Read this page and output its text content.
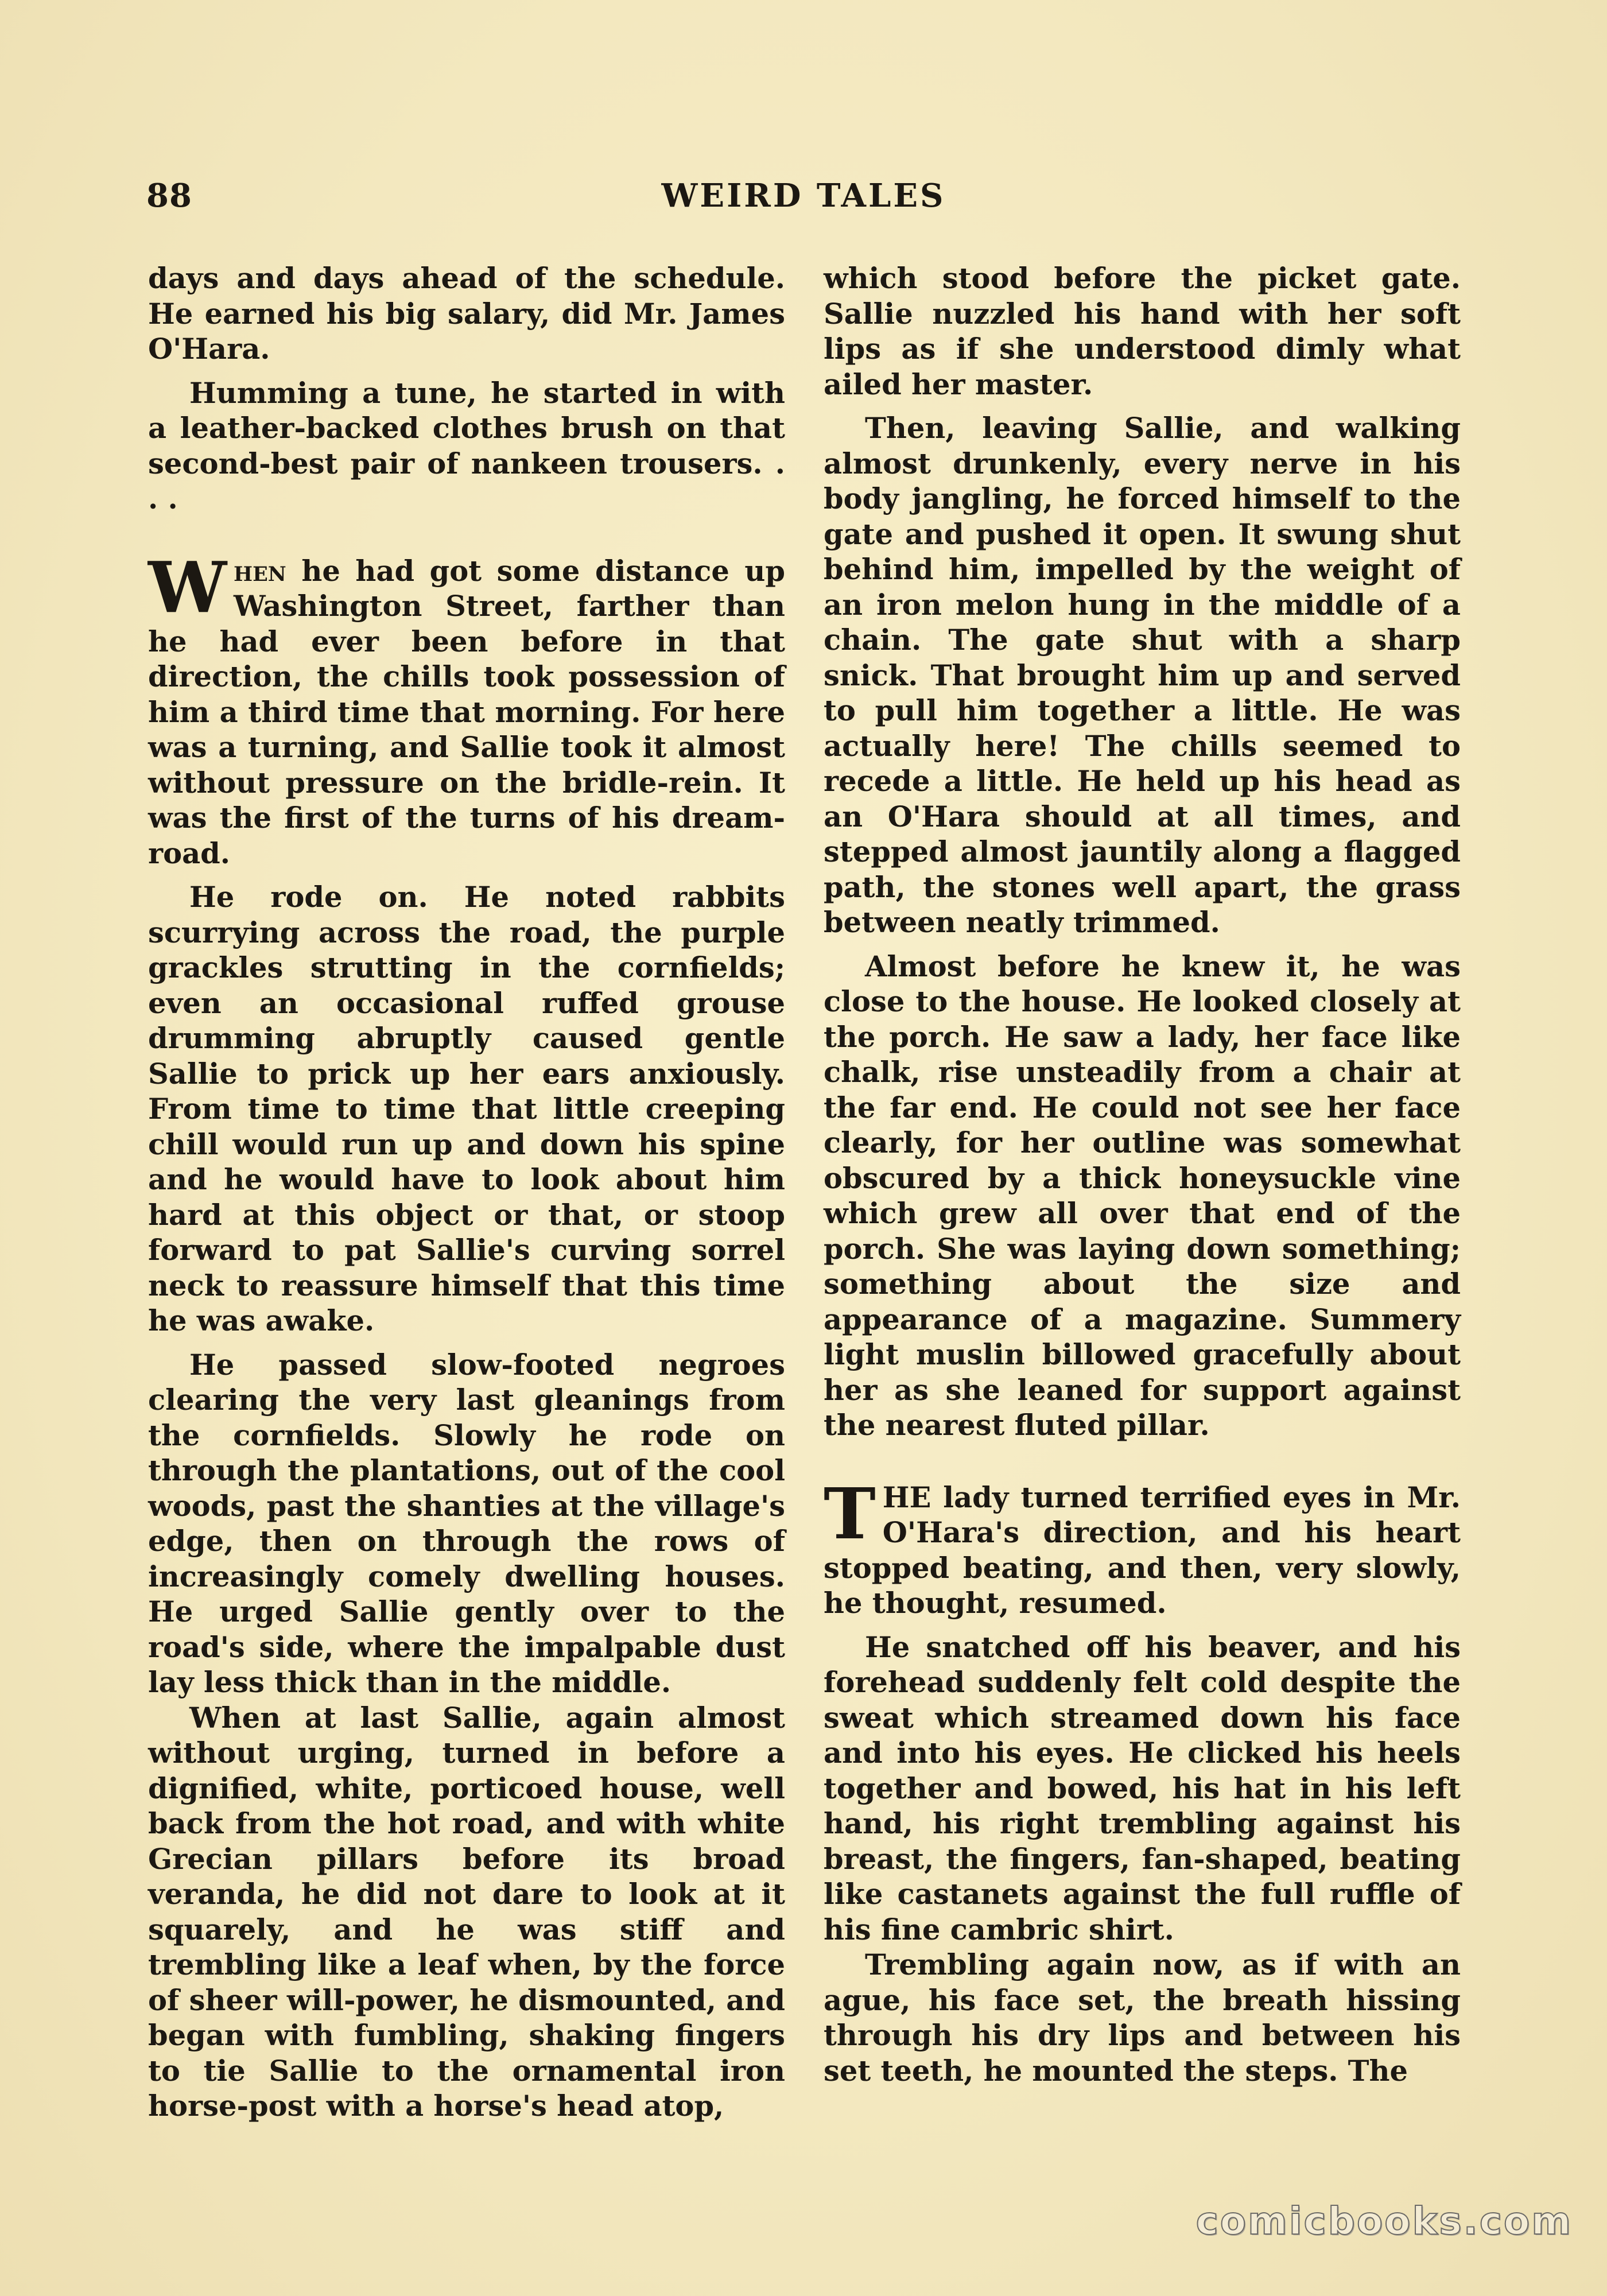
88	WEIRD TALES

days and days ahead of the schedule. He earned his big salary, did Mr. James O'Hara.

Humming a tune, he started in with a leather-backed clothes brush on that second-best pair of nankeen trousers. . . .

When he had got some distance up Washington Street, farther than he had ever been before in that direction, the chills took possession of him a third time that morning. For here was a turning, and Sallie took it almost without pressure on the bridle-rein. It was the first of the turns of his dream-road.

He rode on. He noted rabbits scurrying across the road, the purple grackles strutting in the cornfields; even an occasional ruffed grouse drumming abruptly caused gentle Sallie to prick up her ears anxiously. From time to time that little creeping chill would run up and down his spine and he would have to look about him hard at this object or that, or stoop forward to pat Sallie's curving sorrel neck to reassure himself that this time he was awake.

He passed slow-footed negroes clearing the very last gleanings from the cornfields. Slowly he rode on through the plantations, out of the cool woods, past the shanties at the village's edge, then on through the rows of increasingly comely dwelling houses. He urged Sallie gently over to the road's side, where the impalpable dust lay less thick than in the middle.

When at last Sallie, again almost without urging, turned in before a dignified, white, porticoed house, well back from the hot road, and with white Grecian pillars before its broad veranda, he did not dare to look at it squarely, and he was stiff and trembling like a leaf when, by the force of sheer will-power, he dismounted, and began with fumbling, shaking fingers to tie Sallie to the ornamental iron horse-post with a horse's head atop,

which stood before the picket gate. Sallie nuzzled his hand with her soft lips as if she understood dimly what ailed her master.

Then, leaving Sallie, and walking almost drunkenly, every nerve in his body jangling, he forced himself to the gate and pushed it open. It swung shut behind him, impelled by the weight of an iron melon hung in the middle of a chain. The gate shut with a sharp snick. That brought him up and served to pull him together a little. He was actually here! The chills seemed to recede a little. He held up his head as an O'Hara should at all times, and stepped almost jauntily along a flagged path, the stones well apart, the grass between neatly trimmed.

Almost before he knew it, he was close to the house. He looked closely at the porch. He saw a lady, her face like chalk, rise unsteadily from a chair at the far end. He could not see her face clearly, for her outline was somewhat obscured by a thick honeysuckle vine which grew all over that end of the porch. She was laying down something; something about the size and appearance of a magazine. Summery light muslin billowed gracefully about her as she leaned for support against the nearest fluted pillar.

THE lady turned terrified eyes in Mr. O'Hara's direction, and his heart stopped beating, and then, very slowly, he thought, resumed.

He snatched off his beaver, and his forehead suddenly felt cold despite the sweat which streamed down his face and into his eyes. He clicked his heels together and bowed, his hat in his left hand, his right trembling against his breast, the fingers, fan-shaped, beating like castanets against the full ruffle of his fine cambric shirt.

Trembling again now, as if with an ague, his face set, the breath hissing through his dry lips and between his set teeth, he mounted the steps. The

comicbooks.com
